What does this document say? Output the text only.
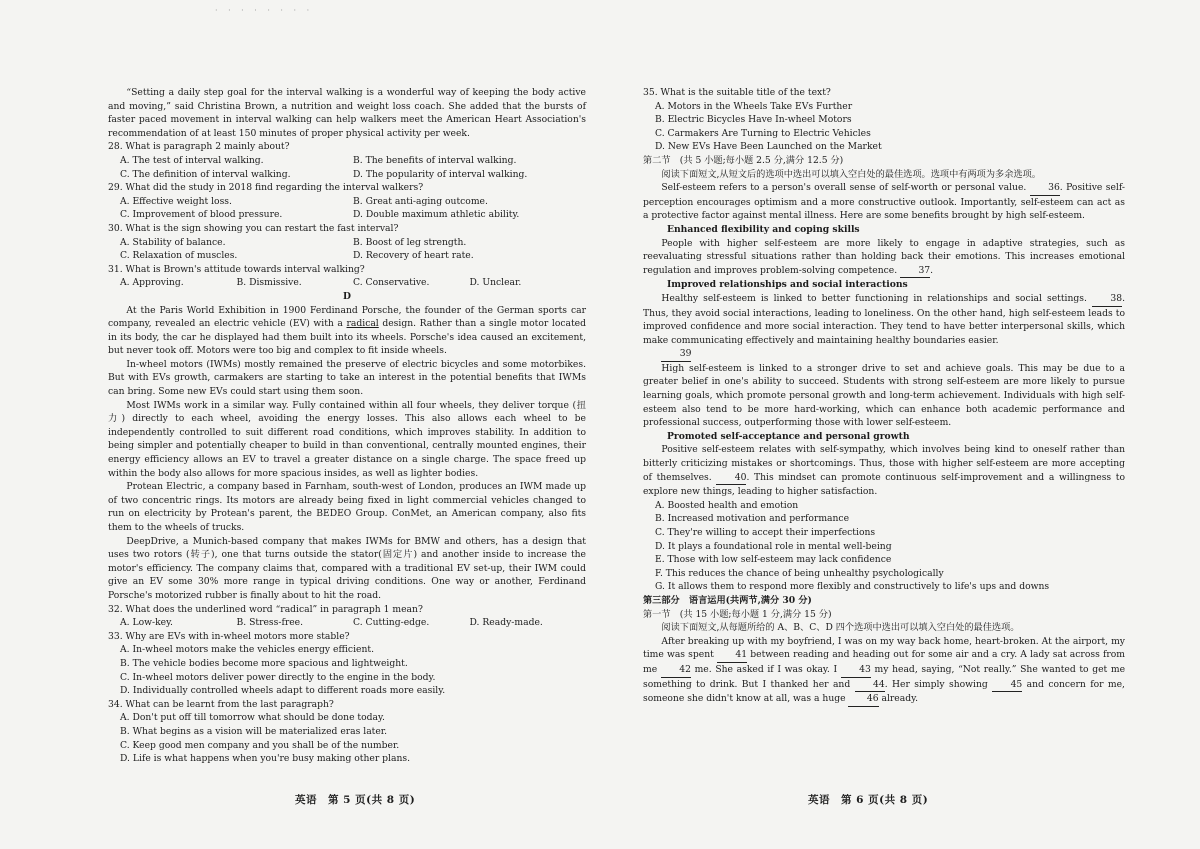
· · · · · · · ·

“Setting a daily step goal for the interval walking is a wonderful way of keeping the body active and moving,” said Christina Brown, a nutrition and weight loss coach. She added that the bursts of faster paced movement in interval walking can help walkers meet the American Heart Association's recommendation of at least 150 minutes of proper physical activity per week.

28. What is paragraph 2 mainly about?

A. The test of interval walking.	B. The benefits of interval walking.
C. The definition of interval walking.	D. The popularity of interval walking.

29. What did the study in 2018 find regarding the interval walkers?

A. Effective weight loss.	B. Great anti-aging outcome.
C. Improvement of blood pressure.	D. Double maximum athletic ability.

30. What is the sign showing you can restart the fast interval?

A. Stability of balance.	B. Boost of leg strength.
C. Relaxation of muscles.	D. Recovery of heart rate.

31. What is Brown's attitude towards interval walking?

A. Approving.	B. Dismissive.	C. Conservative.	D. Unclear.
D

At the Paris World Exhibition in 1900 Ferdinand Porsche, the founder of the German sports car company, revealed an electric vehicle (EV) with a radical design. Rather than a single motor located in its body, the car he displayed had them built into its wheels. Porsche's idea caused an excitement, but never took off. Motors were too big and complex to fit inside wheels.

In-wheel motors (IWMs) mostly remained the preserve of electric bicycles and some motorbikes. But with EVs growth, carmakers are starting to take an interest in the potential benefits that IWMs can bring. Some new EVs could start using them soon.

Most IWMs work in a similar way. Fully contained within all four wheels, they deliver torque (扭力) directly to each wheel, avoiding the energy losses. This also allows each wheel to be independently controlled to suit different road conditions, which improves stability. In addition to being simpler and potentially cheaper to build in than conventional, centrally mounted engines, their energy efficiency allows an EV to travel a greater distance on a single charge. The space freed up within the body also allows for more spacious insides, as well as lighter bodies.

Protean Electric, a company based in Farnham, south-west of London, produces an IWM made up of two concentric rings. Its motors are already being fixed in light commercial vehicles changed to run on electricity by Protean's parent, the BEDEO Group. ConMet, an American company, also fits them to the wheels of trucks.

DeepDrive, a Munich-based company that makes IWMs for BMW and others, has a design that uses two rotors (转子), one that turns outside the stator(固定片) and another inside to increase the motor's efficiency. The company claims that, compared with a traditional EV set-up, their IWM could give an EV some 30% more range in typical driving conditions. One way or another, Ferdinand Porsche's motorized rubber is finally about to hit the road.

32. What does the underlined word “radical” in paragraph 1 mean?

A. Low-key.	B. Stress-free.	C. Cutting-edge.	D. Ready-made.

33. Why are EVs with in-wheel motors more stable?

A. In-wheel motors make the vehicles energy efficient.

B. The vehicle bodies become more spacious and lightweight.

C. In-wheel motors deliver power directly to the engine in the body.

D. Individually controlled wheels adapt to different roads more easily.

34. What can be learnt from the last paragraph?

A. Don't put off till tomorrow what should be done today.

B. What begins as a vision will be materialized eras later.

C. Keep good men company and you shall be of the number.

D. Life is what happens when you're busy making other plans.

35. What is the suitable title of the text?

A. Motors in the Wheels Take EVs Further

B. Electric Bicycles Have In-wheel Motors

C. Carmakers Are Turning to Electric Vehicles

D. New EVs Have Been Launched on the Market

第二节　(共 5 小题;每小题 2.5 分,满分 12.5 分)

阅读下面短文,从短文后的选项中选出可以填入空白处的最佳选项。选项中有两项为多余选项。

Self-esteem refers to a person's overall sense of self-worth or personal value. 36. Positive self-perception encourages optimism and a more constructive outlook. Importantly, self-esteem can act as a protective factor against mental illness. Here are some benefits brought by high self-esteem.

Enhanced flexibility and coping skills

People with higher self-esteem are more likely to engage in adaptive strategies, such as reevaluating stressful situations rather than holding back their emotions. This increases emotional regulation and improves problem-solving competence. 37.

Improved relationships and social interactions

Healthy self-esteem is linked to better functioning in relationships and social settings.	38. Thus, they avoid social interactions, leading to loneliness. On the other hand, high self-esteem leads to improved confidence and more social interaction. They tend to have better interpersonal skills, which make communicating effectively and maintaining healthy boundaries easier.

39

High self-esteem is linked to a stronger drive to set and achieve goals. This may be due to a greater belief in one's ability to succeed. Students with strong self-esteem are more likely to pursue learning goals, which promote personal growth and long-term achievement. Individuals with high self-esteem also tend to be more hard-working, which can enhance both academic performance and professional success, outperforming those with lower self-esteem.

Promoted self-acceptance and personal growth

Positive self-esteem relates with self-sympathy, which involves being kind to oneself rather than bitterly criticizing mistakes or shortcomings. Thus, those with higher self-esteem are more accepting of themselves.	40. This mindset can promote continuous self-improvement and a willingness to explore new things, leading to higher satisfaction.

A. Boosted health and emotion

B. Increased motivation and performance

C. They're willing to accept their imperfections

D. It plays a foundational role in mental well-being

E. Those with low self-esteem may lack confidence

F. This reduces the chance of being unhealthy psychologically

G. It allows them to respond more flexibly and constructively to life's ups and downs

第三部分　语言运用(共两节,满分 30 分)

第一节　(共 15 小题;每小题 1 分,满分 15 分)

阅读下面短文,从每题所给的 A、B、C、D 四个选项中选出可以填入空白处的最佳选项。

After breaking up with my boyfriend, I was on my way back home, heart-broken. At the airport, my time was spent 41 between reading and heading out for some air and a cry. A lady sat across from me 42 me. She asked if I was okay. I 43 my head, saying, “Not really.” She wanted to get me something to drink. But I thanked her and 44. Her simply showing 45 and concern for me, someone she didn't know at all, was a huge 46 already.

英语　第 5 页(共 8 页)	英语　第 6 页(共 8 页)
